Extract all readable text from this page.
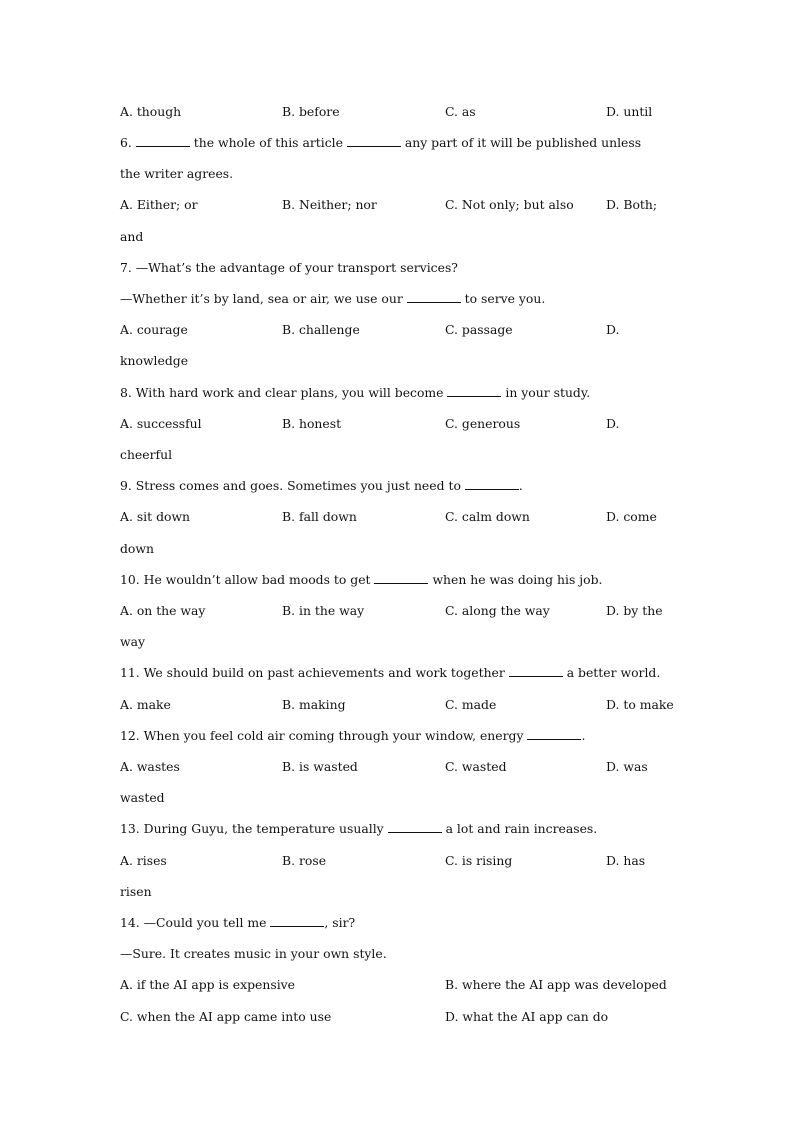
A. though	B. before	C. as	D. until
6.	the whole of this article	any part of it will be published unless
the writer agrees.
A. Either; or	B. Neither; nor	C. Not only; but also	D. Both;
and
7. —What’s the advantage of your transport services?
—Whether it’s by land, sea or air, we use our	to serve you.
A. courage	B. challenge	C. passage	D.
knowledge
8. With hard work and clear plans, you will become	in your study.
A. successful	B. honest	C. generous	D.
cheerful
9. Stress comes and goes. Sometimes you just need to	.
A. sit down	B. fall down	C. calm down	D. come
down
10. He wouldn’t allow bad moods to get	when he was doing his job.
A. on the way	B. in the way	C. along the way	D. by the
way
11. We should build on past achievements and work together	a better world.
A. make	B. making	C. made	D. to make
12. When you feel cold air coming through your window, energy	.
A. wastes	B. is wasted	C. wasted	D. was
wasted
13. During Guyu, the temperature usually	a lot and rain increases.
A. rises	B. rose	C. is rising	D. has
risen
14. —Could you tell me	, sir?
—Sure. It creates music in your own style.
A. if the AI app is expensive	B. where the AI app was developed
C. when the AI app came into use	D. what the AI app can do
